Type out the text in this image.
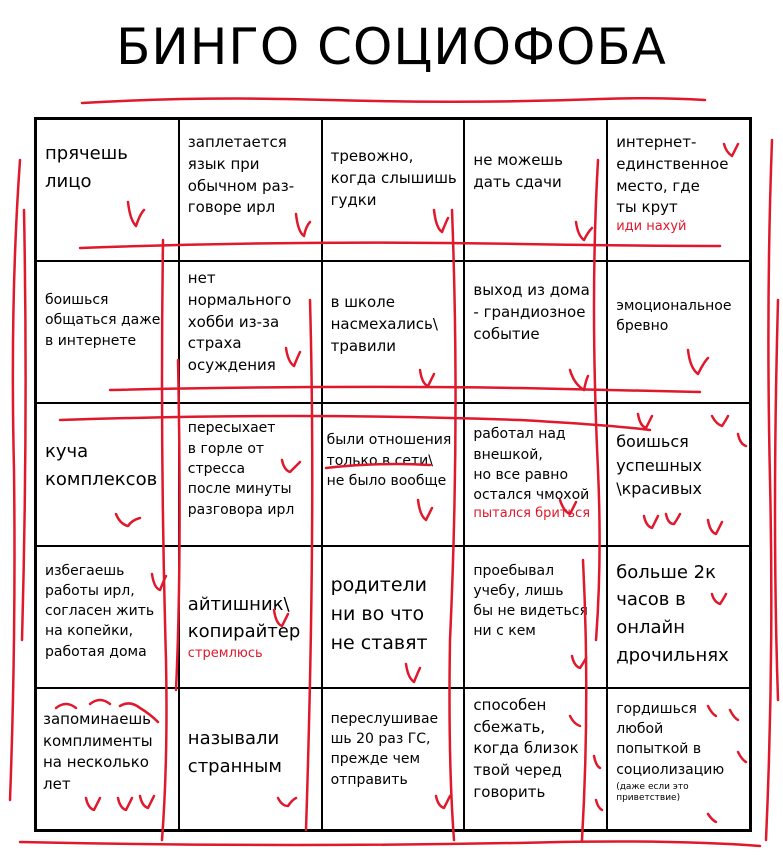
БИНГО СОЦИОФОБА
прячешь
лицо
заплетается
язык при
обычном раз-
говоре ирл
тревожно,
когда слышишь
гудки
не можешь
дать сдачи
интернет-
единственное
место, где
ты крут
иди нахуй
боишься
общаться даже
в интернете
нет
нормального
хобби из-за
страха
осуждения
в школе
насмехались\
травили
выход из дома
- грандиозное
событие
эмоциональное
бревно
куча
комплексов
пересыхает
в горле от
стресса
после минуты
разговора ирл
были отношения
только в сети\
не было вообще
работал над
внешкой,
но все равно
остался чмохой
пытался бриться
боишься
успешных
\красивых
избегаешь
работы ирл,
согласен жить
на копейки,
работая дома
айтишник\
копирайтер
стремлюсь
родители
ни во что
не ставят
проебывал
учебу, лишь
бы не видеться
ни с кем
больше 2к
часов в
онлайн
дрочильнях
запоминаешь
комплименты
на несколько
лет
называли
странным
переслушивае
шь 20 раз ГС,
прежде чем
отправить
способен
сбежать,
когда близок
твой черед
говорить
гордишься
любой
попыткой в
социолизацию
(даже если это
приветствие)
